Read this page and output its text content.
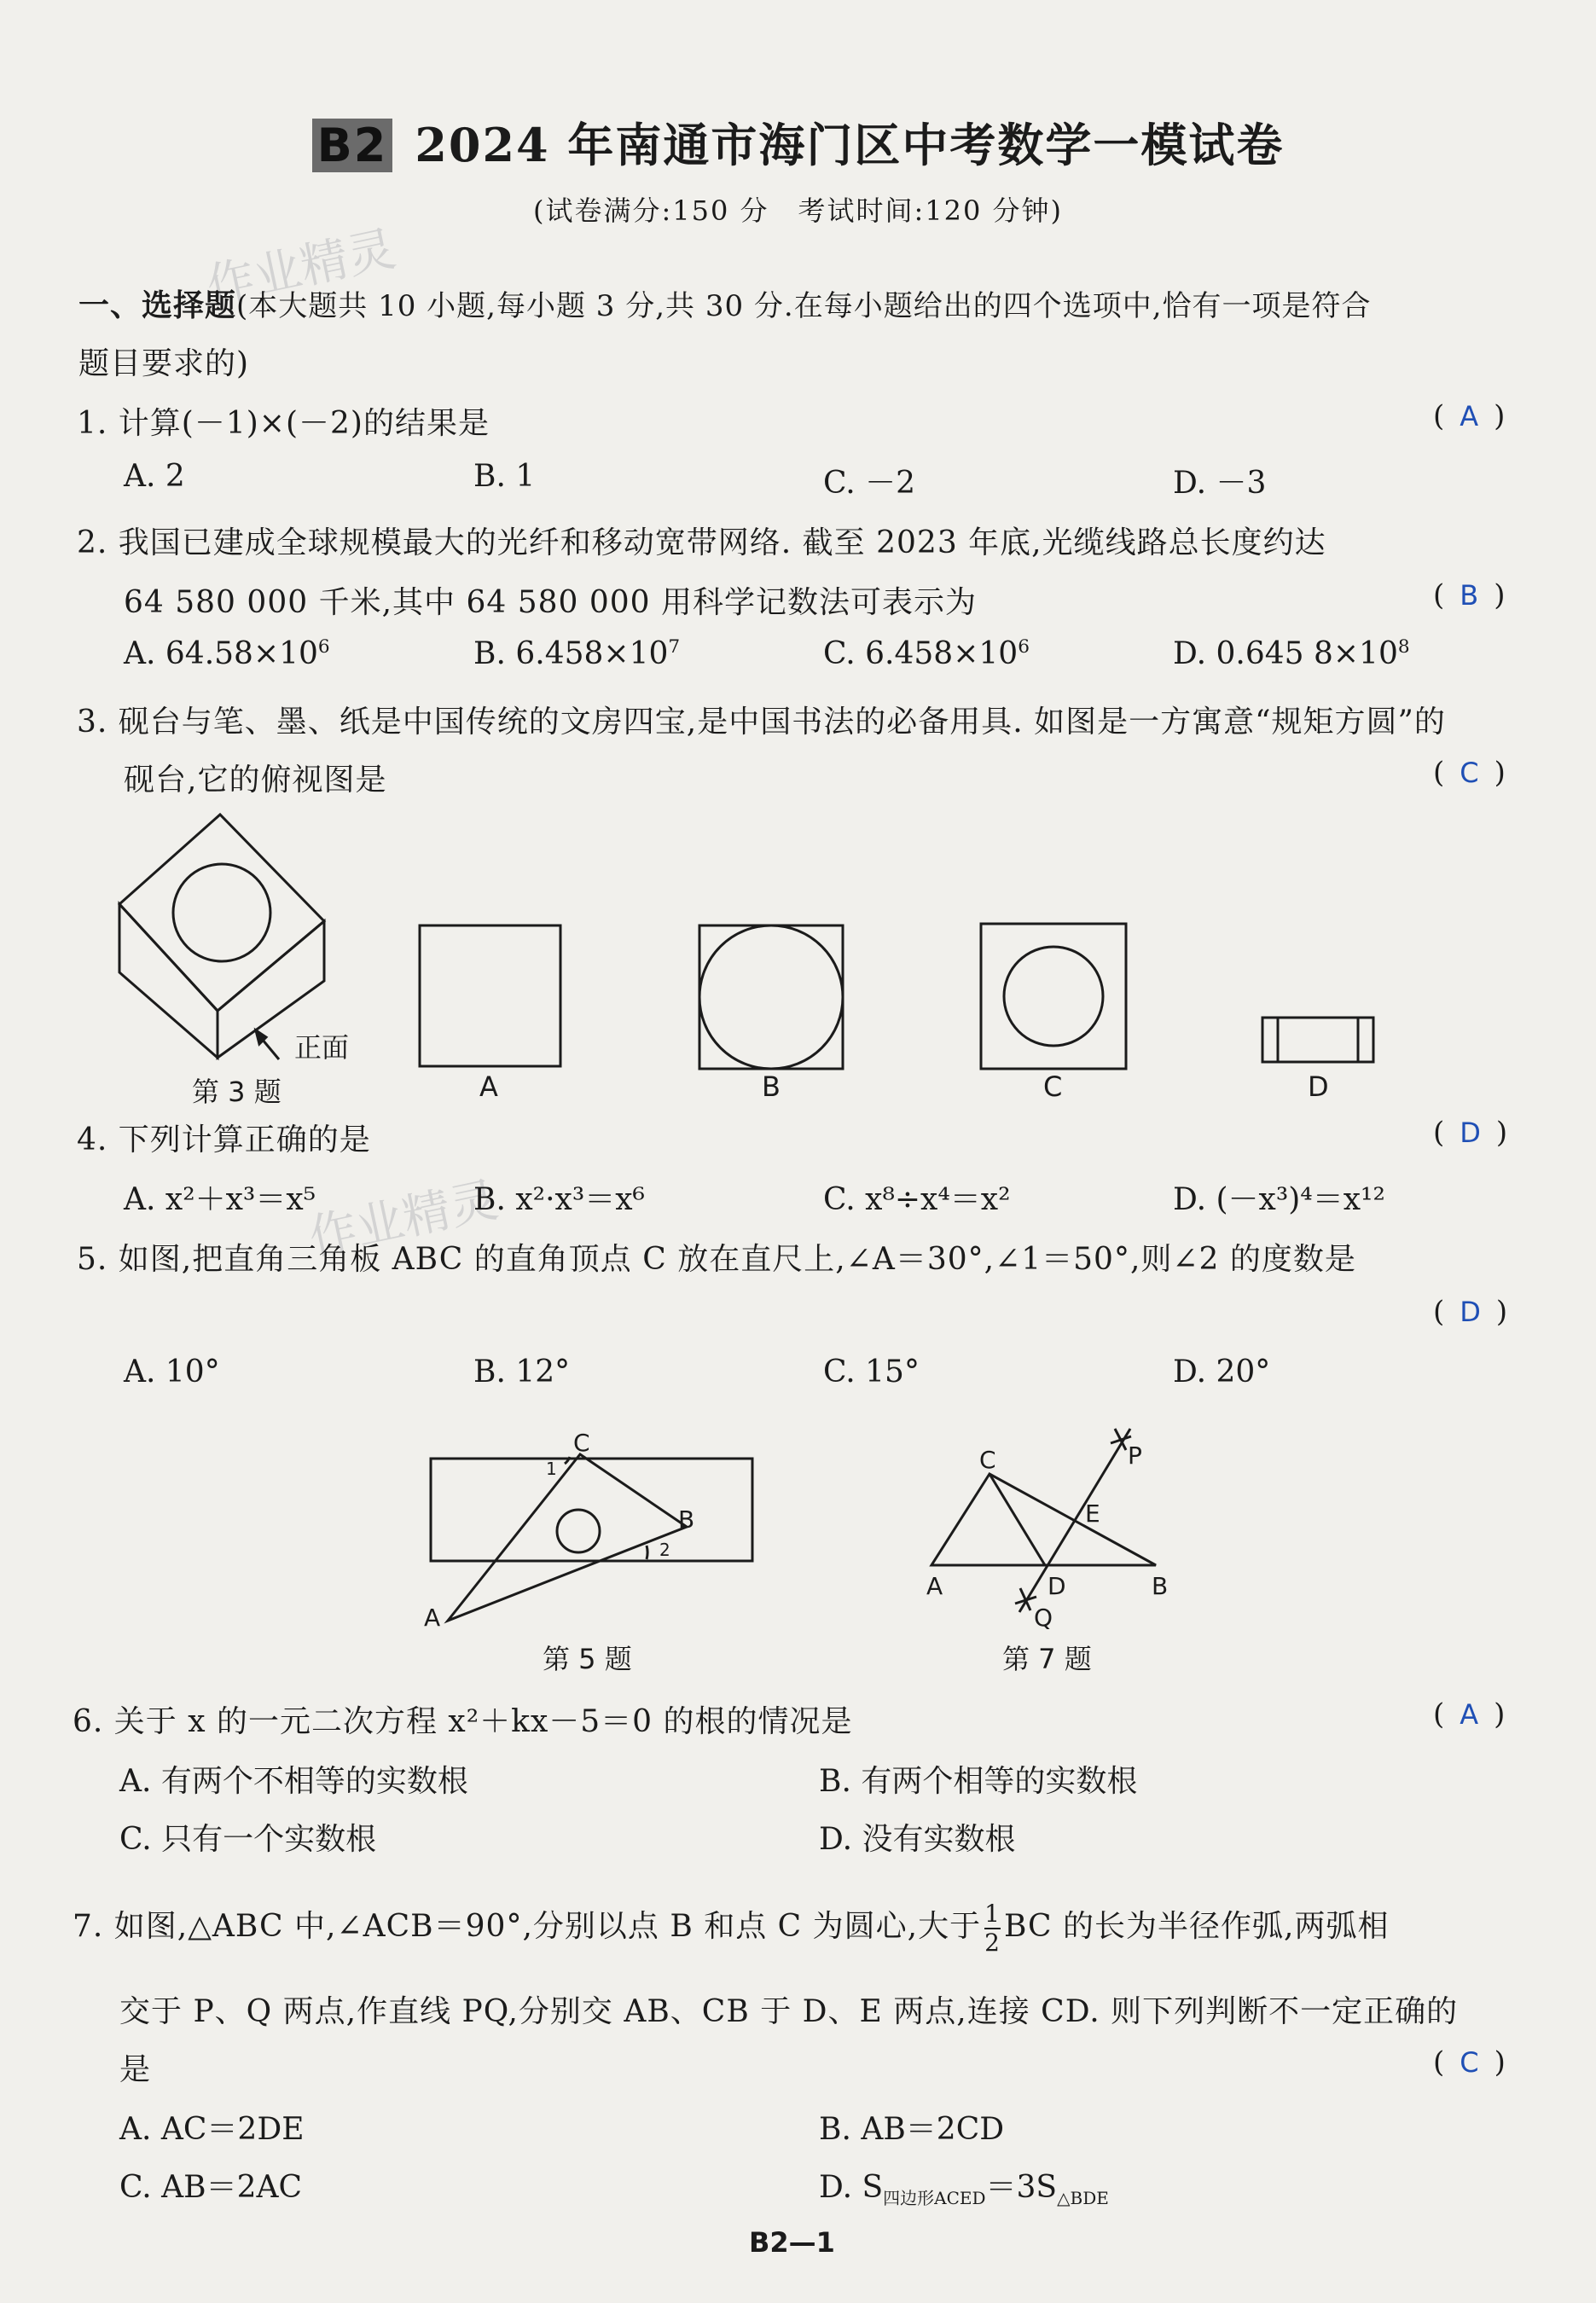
作业精灵
作业精灵
B2 2024 年南通市海门区中考数学一模试卷
(试卷满分:150 分　考试时间:120 分钟)
一、选择题(本大题共 10 小题,每小题 3 分,共 30 分.在每小题给出的四个选项中,恰有一项是符合
题目要求的)
1. 计算(－1)×(－2)的结果是	( A )
A. 2	B. 1	C. －2	D. －3
2. 我国已建成全球规模最大的光纤和移动宽带网络. 截至 2023 年底,光缆线路总长度约达
64 580 000 千米,其中 64 580 000 用科学记数法可表示为	( B )
A. $64.58\times 10^6$	B. $6.458\times 10^7$	C. $6.458\times 10^6$	D. 0.645 $8\times 10^8$
3. 砚台与笔、墨、纸是中国传统的文房四宝,是中国书法的必备用具. 如图是一方寓意“规矩方圆”的
砚台,它的俯视图是	( C )
正面
第 3 题	A	B	C	D
4. 下列计算正确的是	( D )
A. x²＋x³＝x⁵	B. x²·x³＝x⁶	C. x⁸÷x⁴＝x²	D. (－x³)⁴＝x¹²
5. 如图,把直角三角板 ABC 的直角顶点 C 放在直尺上,∠A＝30°,∠1＝50°,则∠2 的度数是
( D )
A. 10°	B. 12°	C. 15°	D. 20°
C
1
B
2
A
第 5 题
C	P
E
A	D	B
Q
第 7 题
6. 关于 x 的一元二次方程 x²＋kx－5＝0 的根的情况是	( A )
A. 有两个不相等的实数根	B. 有两个相等的实数根
C. 只有一个实数根	D. 没有实数根
7. 如图,△ABC 中,∠ACB＝90°,分别以点 B 和点 C 为圆心,大于 $\frac{1}{2}$ BC 的长为半径作弧,两弧相
交于 P、Q 两点,作直线 PQ,分别交 AB、CB 于 D、E 两点,连接 CD. 则下列判断不一定正确的
是	( C )
A. AC＝2DE	B. AB＝2CD
C. AB＝2AC	D. $S_{四边形ACED}=3S_{\triangle BDE}$
B2—1
